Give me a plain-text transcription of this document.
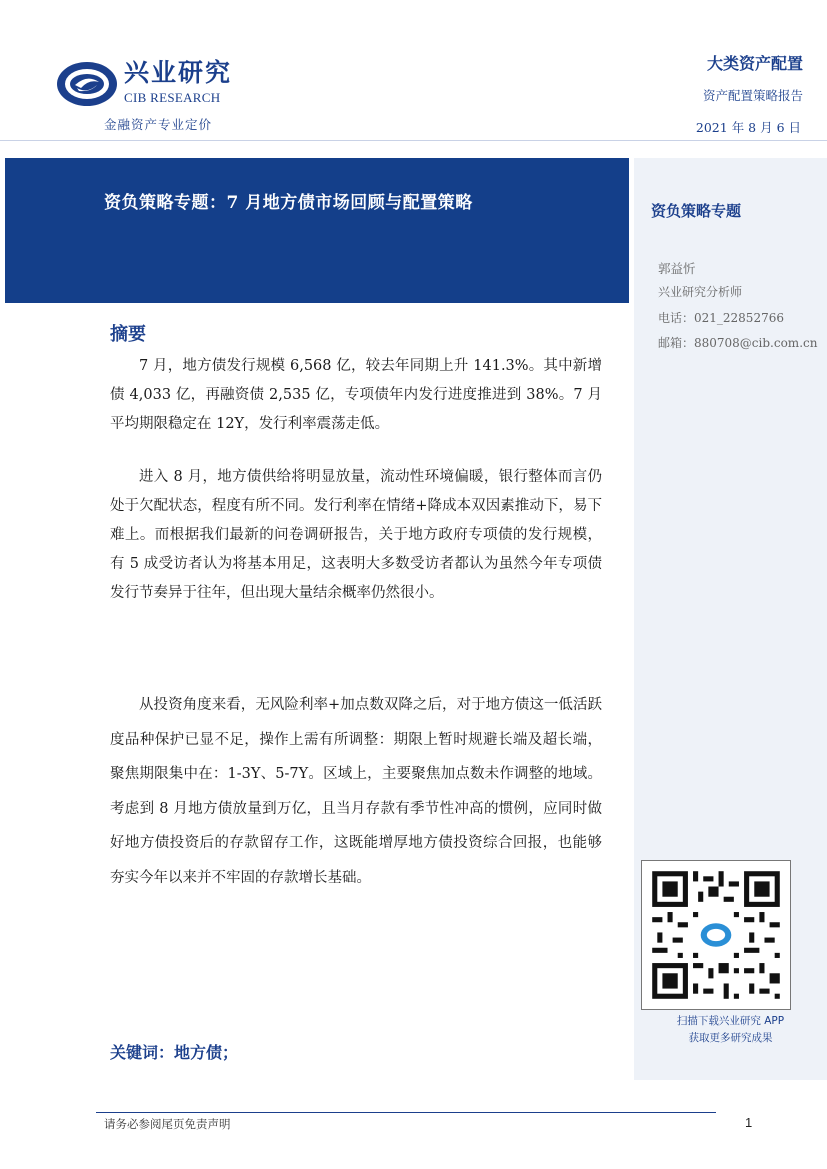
兴业研究
CIB RESEARCH
金融资产专业定价
大类资产配置
资产配置策略报告
2021 年 8 月 6 日
资负策略专题：7 月地方债市场回顾与配置策略	资负策略专题
郭益忻
兴业研究分析师
电话：021_22852766
邮箱：880708@cib.com.cn
扫描下载兴业研究 APP
获取更多研究成果
摘要

7 月，地方债发行规模 6,568 亿，较去年同期上升 141.3%。其中新增债 4,033 亿，再融资债 2,535 亿，专项债年内发行进度推进到 38%。7 月平均期限稳定在 12Y，发行利率震荡走低。

进入 8 月，地方债供给将明显放量，流动性环境偏暖，银行整体而言仍处于欠配状态，程度有所不同。发行利率在情绪+降成本双因素推动下，易下难上。而根据我们最新的问卷调研报告，关于地方政府专项债的发行规模，有 5 成受访者认为将基本用足，这表明大多数受访者都认为虽然今年专项债发行节奏异于往年，但出现大量结余概率仍然很小。

从投资角度来看，无风险利率+加点数双降之后，对于地方债这一低活跃度品种保护已显不足，操作上需有所调整：期限上暂时规避长端及超长端，聚焦期限集中在：1-3Y、5-7Y。区域上，主要聚焦加点数未作调整的地域。考虑到 8 月地方债放量到万亿，且当月存款有季节性冲高的惯例，应同时做好地方债投资后的存款留存工作，这既能增厚地方债投资综合回报，也能够夯实今年以来并不牢固的存款增长基础。

关键词：地方债；
请务必参阅尾页免责声明	1
